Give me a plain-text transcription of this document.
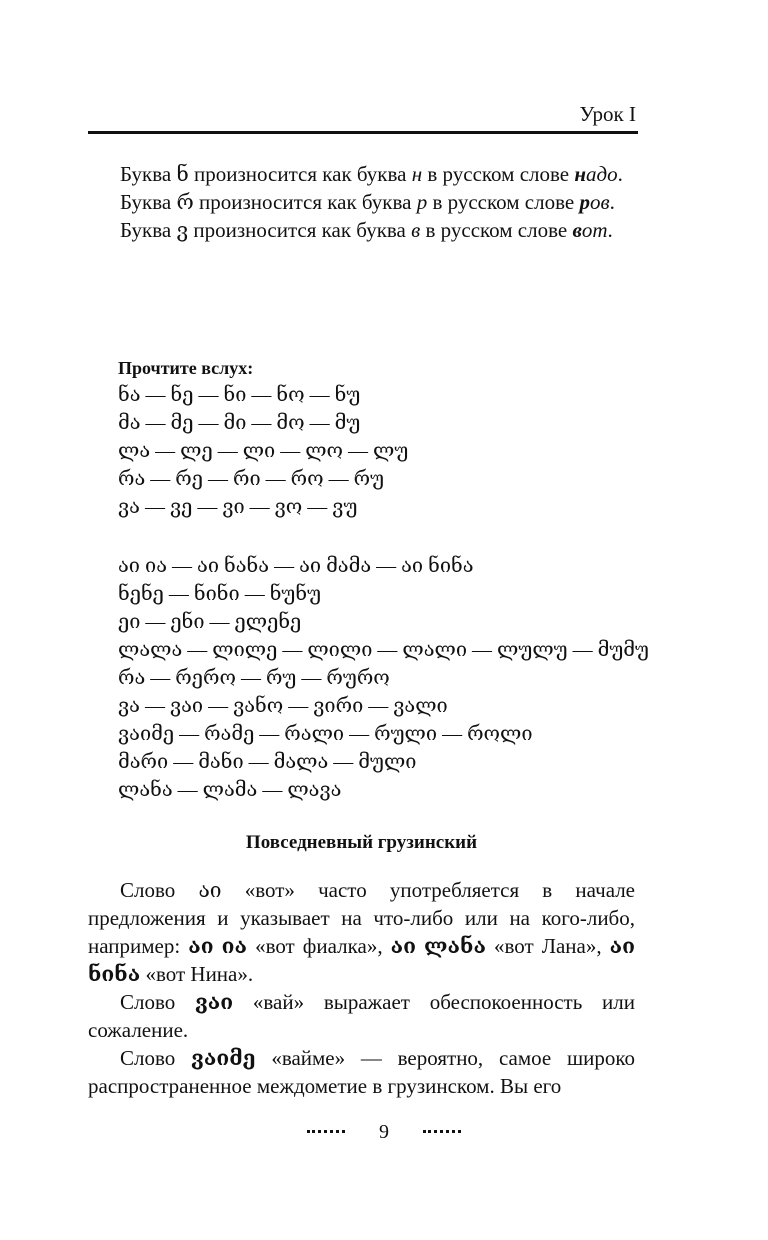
Урок I

Буква ნ произносится как буква н в русском слове надо.

Буква რ произносится как буква р в русском слове ров.

Буква ვ произносится как буква в в русском слове вот.

Прочтите вслух:

ნა — ნე — ნი — ნო — ნუ

მა — მე — მი — მო — მუ

ლა — ლე — ლი — ლო — ლუ

რა — რე — რი — რო — რუ

ვა — ვე — ვი — ვო — ვუ

აი ია — აი ნანა — აი მამა — აი ნინა

ნენე — ნინი — ნუნუ

ეი — ენი — ელენე

ლალა — ლილე — ლილი — ლალი — ლულუ — მუმუ

რა — რერო — რუ — რურო

ვა — ვაი — ვანო — ვირი — ვალი

ვაიმე — რამე — რალი — რული — როლი

მარი — მანი — მალა — მული

ლანა — ლამა — ლავა

Повседневный грузинский

Слово აი «вот» часто употребляется в начале предложения и указывает на что-либо или на кого-либо, например: აი ია «вот фиалка», აი ლანა «вот Лана», აი ნინა «вот Нина».

Слово ვაი «вай» выражает обеспокоенность или сожаление.

Слово ვაიმე «вайме» — вероятно, самое широко распространенное междометие в грузинском. Вы его

9
